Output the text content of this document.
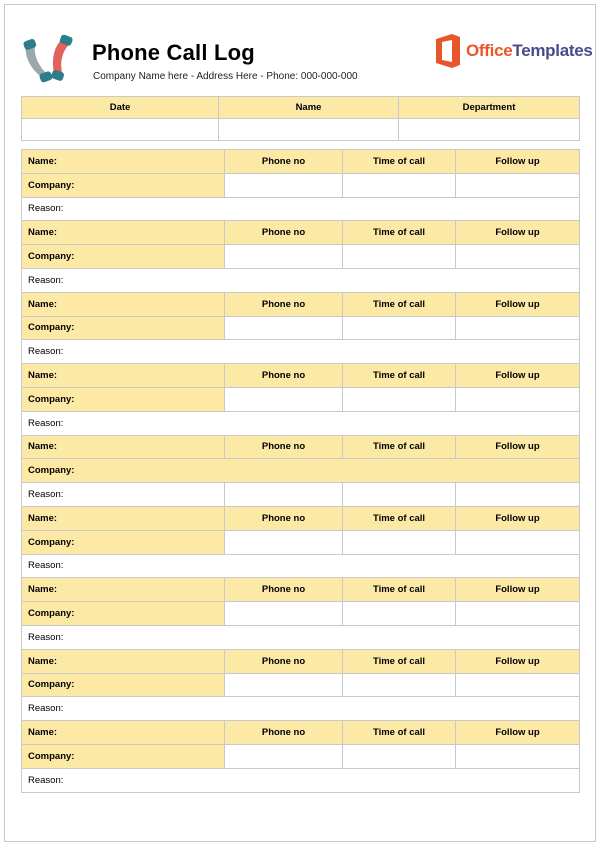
Phone Call Log
Company Name here - Address Here - Phone: 000-000-000
OfficeTemplates
Date	Name	Department

Name:	Phone no	Time of call	Follow up
Company:			
Reason:			
Name:	Phone no	Time of call	Follow up
Company:			
Reason:			
Name:	Phone no	Time of call	Follow up
Company:			
Reason:			
Name:	Phone no	Time of call	Follow up
Company:			
Reason:			
Name:	Phone no	Time of call	Follow up
Company:			
Reason:			
Name:	Phone no	Time of call	Follow up
Company:			
Reason:			
Name:	Phone no	Time of call	Follow up
Company:			
Reason:			
Name:	Phone no	Time of call	Follow up
Company:			
Reason:			
Name:	Phone no	Time of call	Follow up
Company:			
Reason:			
